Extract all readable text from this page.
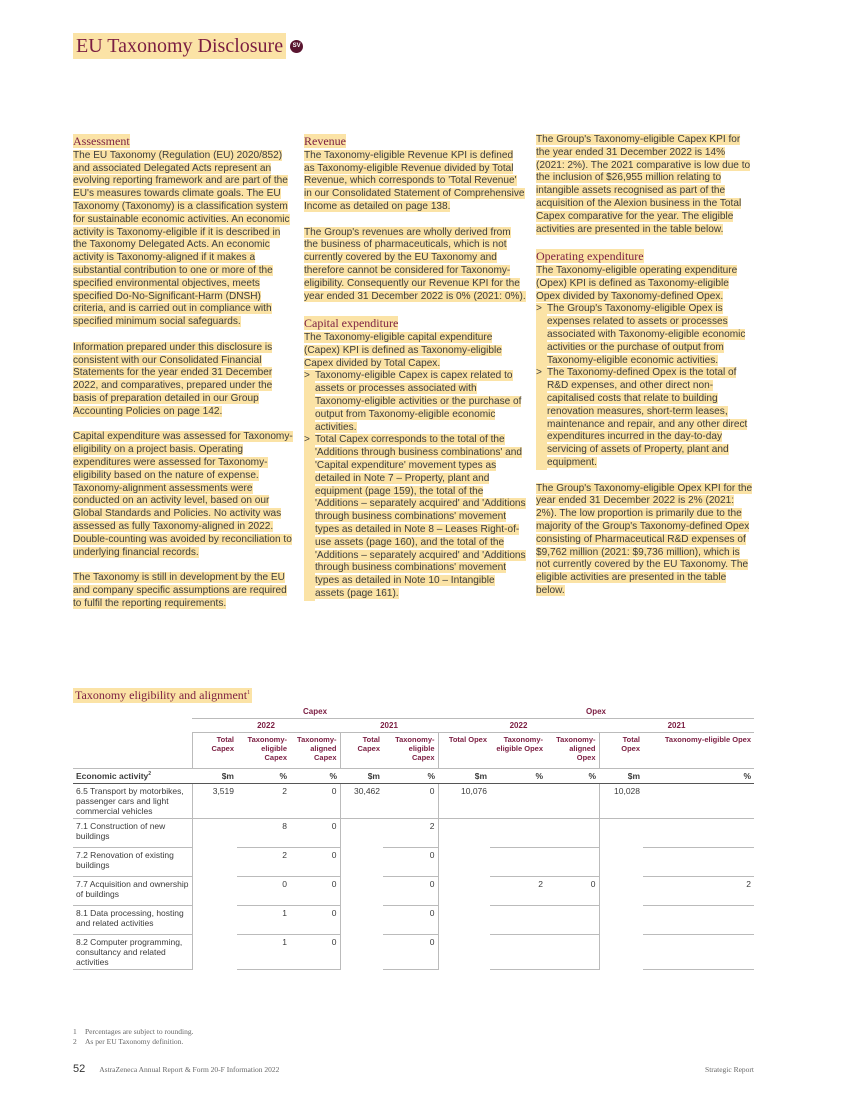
EU Taxonomy Disclosure	SV
Assessment

The EU Taxonomy (Regulation (EU) 2020/852) and associated Delegated Acts represent an evolving reporting framework and are part of the EU's measures towards climate goals. The EU Taxonomy (Taxonomy) is a classification system for sustainable economic activities. An economic activity is Taxonomy-eligible if it is described in the Taxonomy Delegated Acts. An economic activity is Taxonomy-aligned if it makes a substantial contribution to one or more of the specified environmental objectives, meets specified Do-No-Significant-Harm (DNSH) criteria, and is carried out in compliance with specified minimum social safeguards.

Information prepared under this disclosure is consistent with our Consolidated Financial Statements for the year ended 31 December 2022, and comparatives, prepared under the basis of preparation detailed in our Group Accounting Policies on page 142.

Capital expenditure was assessed for Taxonomy-eligibility on a project basis. Operating expenditures were assessed for Taxonomy-eligibility based on the nature of expense. Taxonomy-alignment assessments were conducted on an activity level, based on our Global Standards and Policies. No activity was assessed as fully Taxonomy-aligned in 2022. Double-counting was avoided by reconciliation to underlying financial records.

The Taxonomy is still in development by the EU and company specific assumptions are required to fulfil the reporting requirements.

Revenue

The Taxonomy-eligible Revenue KPI is defined as Taxonomy-eligible Revenue divided by Total Revenue, which corresponds to 'Total Revenue' in our Consolidated Statement of Comprehensive Income as detailed on page 138.

The Group's revenues are wholly derived from the business of pharmaceuticals, which is not currently covered by the EU Taxonomy and therefore cannot be considered for Taxonomy-eligibility. Consequently our Revenue KPI for the year ended 31 December 2022 is 0% (2021: 0%).

Capital expenditure
The Taxonomy-eligible capital expenditure (Capex) KPI is defined as Taxonomy-eligible Capex divided by Total Capex.
> Taxonomy-eligible Capex is capex related to assets or processes associated with Taxonomy-eligible activities or the purchase of output from Taxonomy-eligible economic activities.
> Total Capex corresponds to the total of the 'Additions through business combinations' and 'Capital expenditure' movement types as detailed in Note 7 – Property, plant and equipment (page 159), the total of the 'Additions – separately acquired' and 'Additions through business combinations' movement types as detailed in Note 8 – Leases Right-of-use assets (page 160), and the total of the 'Additions – separately acquired' and 'Additions through business combinations' movement types as detailed in Note 10 – Intangible assets (page 161).

The Group's Taxonomy-eligible Capex KPI for the year ended 31 December 2022 is 14% (2021: 2%). The 2021 comparative is low due to the inclusion of $26,955 million relating to intangible assets recognised as part of the acquisition of the Alexion business in the Total Capex comparative for the year. The eligible activities are presented in the table below.

Operating expenditure
The Taxonomy-eligible operating expenditure (Opex) KPI is defined as Taxonomy-eligible Opex divided by Taxonomy-defined Opex.
> The Group's Taxonomy-eligible Opex is expenses related to assets or processes associated with Taxonomy-eligible economic activities or the purchase of output from Taxonomy-eligible economic activities.
> The Taxonomy-defined Opex is the total of R&D expenses, and other direct non-capitalised costs that relate to building renovation measures, short-term leases, maintenance and repair, and any other direct expenditures incurred in the day-to-day servicing of assets of Property, plant and equipment.

The Group's Taxonomy-eligible Opex KPI for the year ended 31 December 2022 is 2% (2021: 2%). The low proportion is primarily due to the majority of the Group's Taxonomy-defined Opex consisting of Pharmaceutical R&D expenses of $9,762 million (2021: $9,736 million), which is not currently covered by the EU Taxonomy. The eligible activities are presented in the table below.

Taxonomy eligibility and alignment$^1$
	Capex					Opex				
	2022			2021		2022			2021	
	Total Capex	Taxonomy-eligible Capex	Taxonomy-aligned Capex	Total Capex	Taxonomy-eligible Capex	Total Opex	Taxonomy-eligible Opex	Taxonomy-aligned Opex	Total Opex	Taxonomy-eligible Opex
Economic activity$^2$	$m	%	%	$m	%	$m	%	%	$m	%
6.5 Transport by motorbikes, passenger cars and light commercial vehicles	3,519	2	0	30,462	0	10,076			10,028	
7.1 Construction of new buildings		8	0		2					
7.2 Renovation of existing buildings		2	0		0					
7.7 Acquisition and ownership of buildings		0	0		0		2	0		2
8.1 Data processing, hosting and related activities		1	0		0					
8.2 Computer programming, consultancy and related activities		1	0		0					
1	Percentages are subject to rounding.
2	As per EU Taxonomy definition.
52 AstraZeneca Annual Report & Form 20-F Information 2022	Strategic Report
